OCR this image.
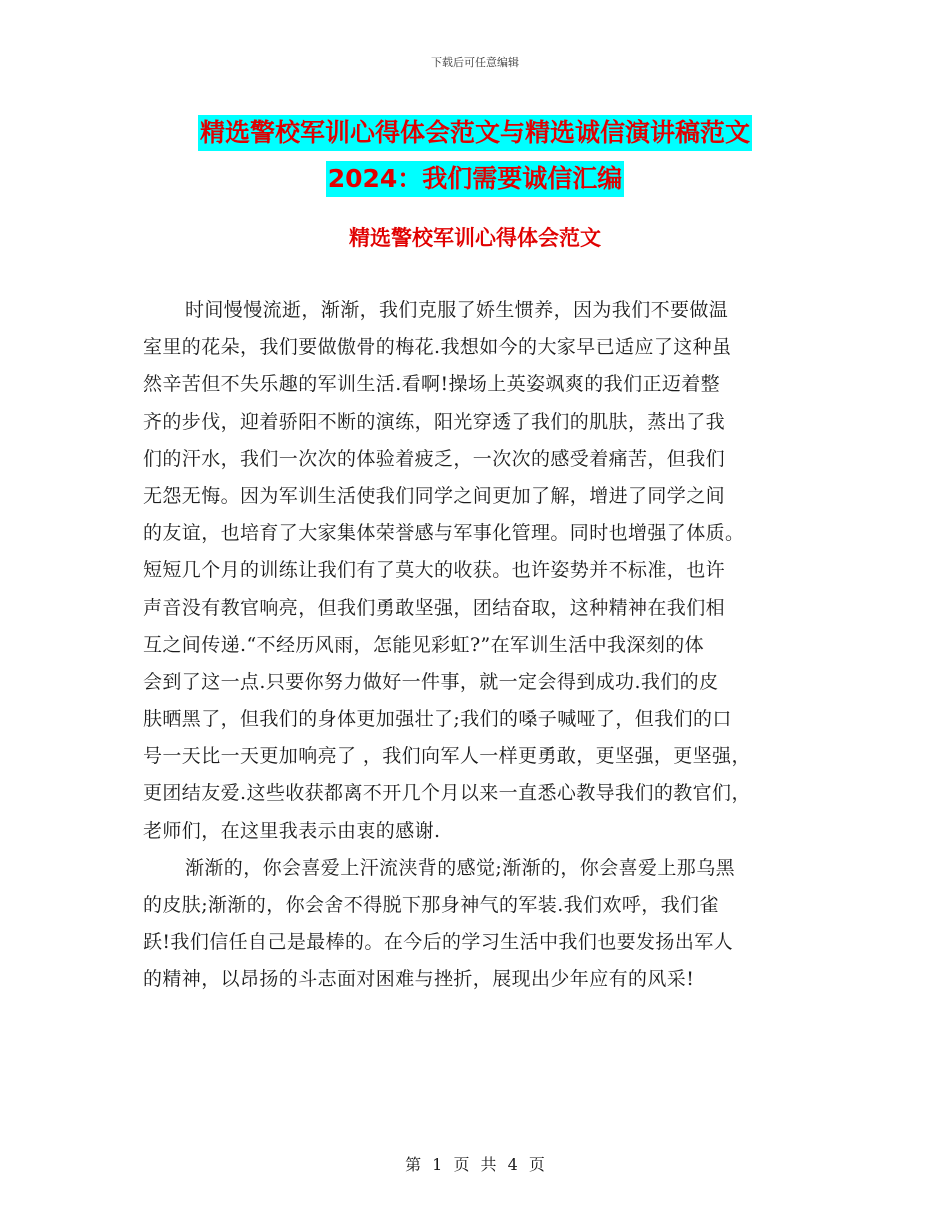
下载后可任意编辑
精选警校军训心得体会范文与精选诚信演讲稿范文
2024：我们需要诚信汇编
精选警校军训心得体会范文
时间慢慢流逝，渐渐，我们克服了娇生惯养，因为我们不要做温
室里的花朵，我们要做傲骨的梅花.我想如今的大家早已适应了这种虽
然辛苦但不失乐趣的军训生活.看啊!操场上英姿飒爽的我们正迈着整
齐的步伐，迎着骄阳不断的演练，阳光穿透了我们的肌肤，蒸出了我
们的汗水，我们一次次的体验着疲乏，一次次的感受着痛苦，但我们
无怨无悔。因为军训生活使我们同学之间更加了解，增进了同学之间
的友谊，也培育了大家集体荣誉感与军事化管理。同时也增强了体质。
短短几个月的训练让我们有了莫大的收获。也许姿势并不标准，也许
声音没有教官响亮，但我们勇敢坚强，团结奋取，这种精神在我们相
互之间传递.“不经历风雨，怎能见彩虹?”在军训生活中我深刻的体
会到了这一点.只要你努力做好一件事，就一定会得到成功.我们的皮
肤晒黑了，但我们的身体更加强壮了;我们的嗓子喊哑了，但我们的口
号一天比一天更加响亮了 ，我们向军人一样更勇敢，更坚强，更坚强，
更团结友爱.这些收获都离不开几个月以来一直悉心教导我们的教官们，
老师们，在这里我表示由衷的感谢.
渐渐的，你会喜爱上汗流浃背的感觉;渐渐的，你会喜爱上那乌黑
的皮肤;渐渐的，你会舍不得脱下那身神气的军装.我们欢呼，我们雀
跃!我们信任自己是最棒的。在今后的学习生活中我们也要发扬出军人
的精神，以昂扬的斗志面对困难与挫折，展现出少年应有的风采!
第 1 页 共 4 页
